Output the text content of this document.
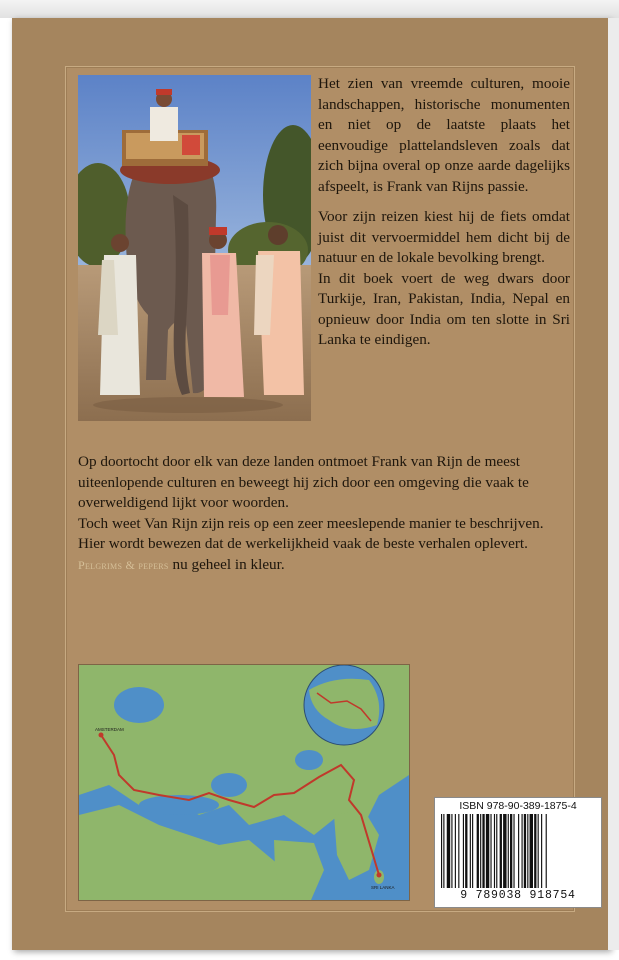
Het zien van vreemde culturen, mooie landschappen, historische monumenten en niet op de laatste plaats het eenvoudige plattelandsleven zoals dat zich bijna overal op onze aarde dagelijks afspeelt, is Frank van Rijns passie.

Voor zijn reizen kiest hij de fiets omdat juist dit vervoermiddel hem dicht bij de natuur en de lokale bevolking brengt.

In dit boek voert de weg dwars door Turkije, Iran, Pakistan, India, Nepal en opnieuw door India om ten slotte in Sri Lanka te eindigen.

Op doortocht door elk van deze landen ontmoet Frank van Rijn de meest uiteenlopende culturen en beweegt hij zich door een omgeving die vaak te overweldigend lijkt voor woorden.

Toch weet Van Rijn zijn reis op een zeer meeslepende manier te beschrijven. Hier wordt bewezen dat de werkelijkheid vaak de beste verhalen oplevert.

Pelgrims & pepers nu geheel in kleur.

AMSTERDAM
SRI LANKA
ISBN 978-90-389-1875-4
9 789038 918754
